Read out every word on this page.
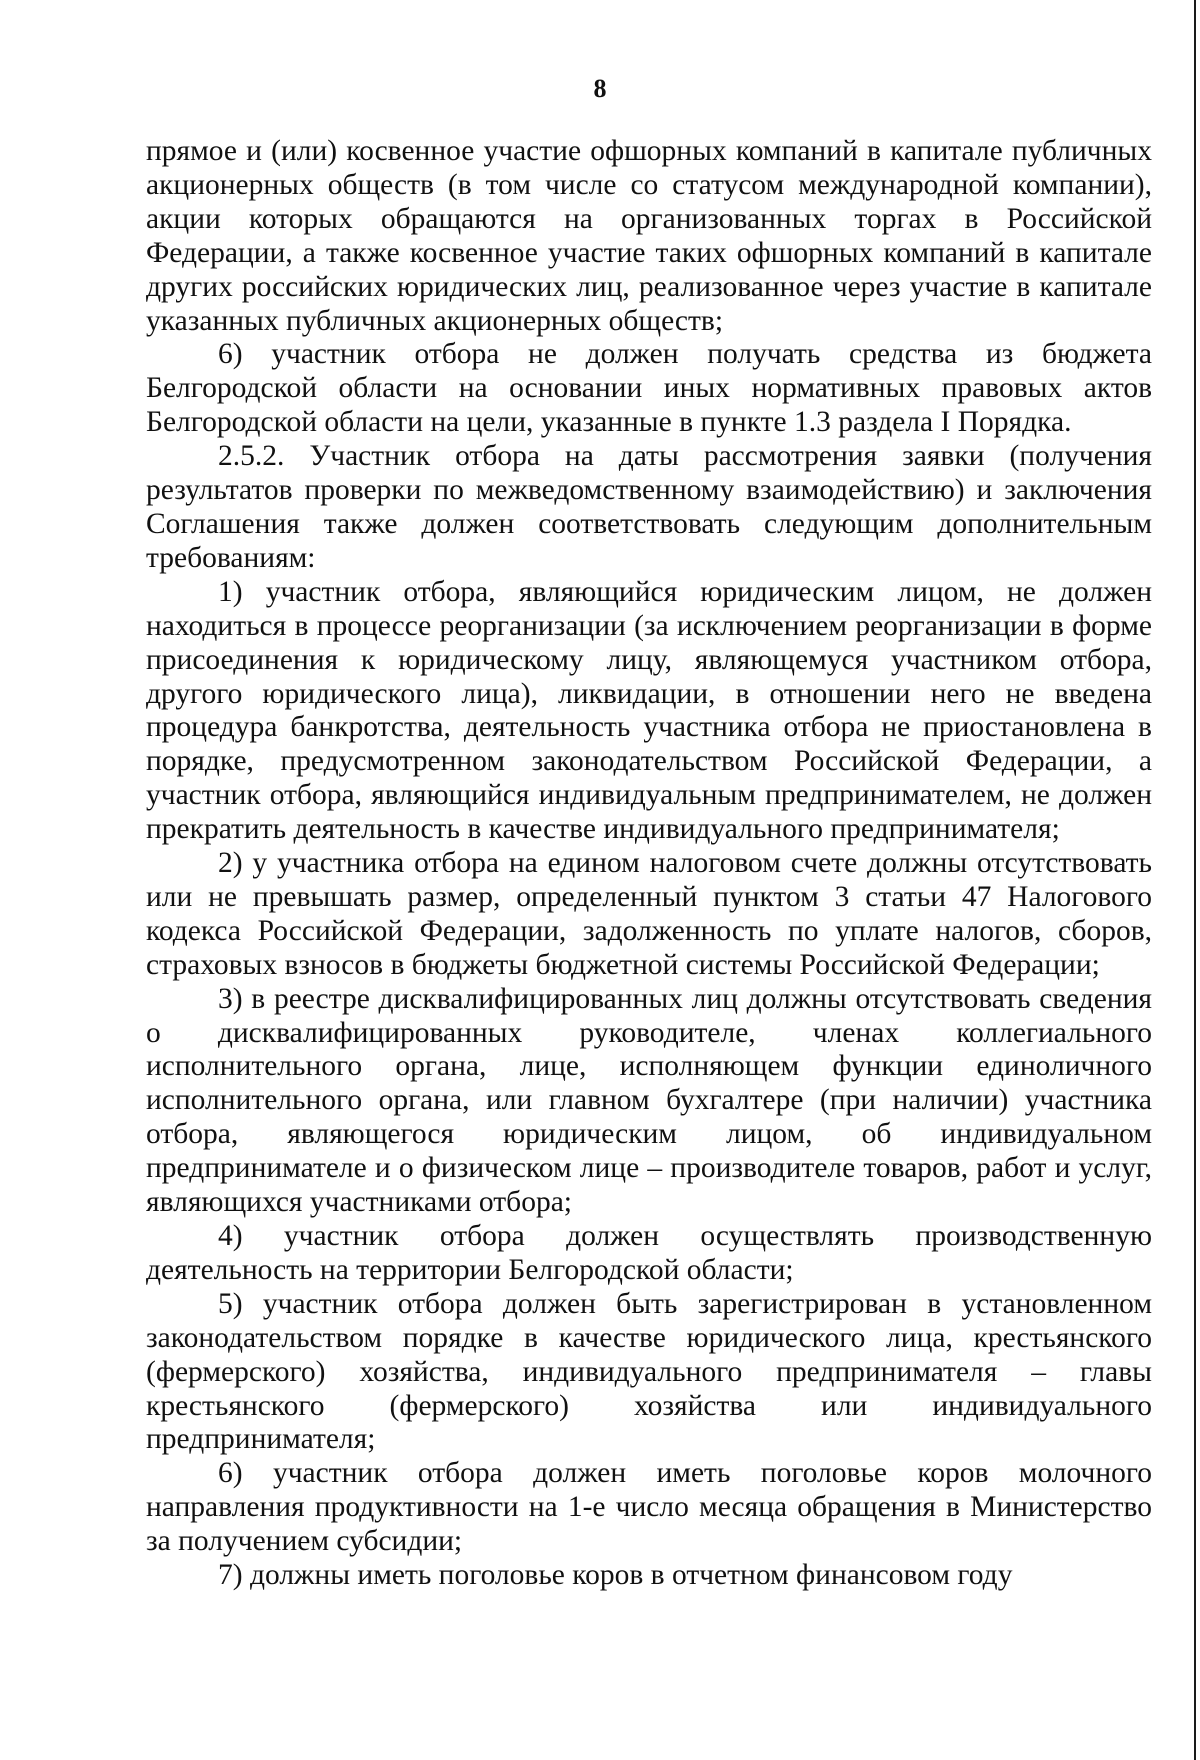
8

прямое и (или) косвенное участие офшорных компаний в капитале публичных акционерных обществ (в том числе со статусом международной компании), акции которых обращаются на организованных торгах в Российской Федерации, а также косвенное участие таких офшорных компаний в капитале других российских юридических лиц, реализованное через участие в капитале указанных публичных акционерных обществ;

6) участник отбора не должен получать средства из бюджета Белгородской области на основании иных нормативных правовых актов Белгородской области на цели, указанные в пункте 1.3 раздела I Порядка.

2.5.2. Участник отбора на даты рассмотрения заявки (получения результатов проверки по межведомственному взаимодействию) и заключения Соглашения также должен соответствовать следующим дополнительным требованиям:

1) участник отбора, являющийся юридическим лицом, не должен находиться в процессе реорганизации (за исключением реорганизации в форме присоединения к юридическому лицу, являющемуся участником отбора, другого юридического лица), ликвидации, в отношении него не введена процедура банкротства, деятельность участника отбора не приостановлена в порядке, предусмотренном законодательством Российской Федерации, а участник отбора, являющийся индивидуальным предпринимателем, не должен прекратить деятельность в качестве индивидуального предпринимателя;

2) у участника отбора на едином налоговом счете должны отсутствовать или не превышать размер, определенный пунктом 3 статьи 47 Налогового кодекса Российской Федерации, задолженность по уплате налогов, сборов, страховых взносов в бюджеты бюджетной системы Российской Федерации;

3) в реестре дисквалифицированных лиц должны отсутствовать сведения о дисквалифицированных руководителе, членах коллегиального исполнительного органа, лице, исполняющем функции единоличного исполнительного органа, или главном бухгалтере (при наличии) участника отбора, являющегося юридическим лицом, об индивидуальном предпринимателе и о физическом лице – производителе товаров, работ и услуг, являющихся участниками отбора;

4) участник отбора должен осуществлять производственную деятельность на территории Белгородской области;

5) участник отбора должен быть зарегистрирован в установленном законодательством порядке в качестве юридического лица, крестьянского (фермерского) хозяйства, индивидуального предпринимателя – главы крестьянского (фермерского) хозяйства или индивидуального предпринимателя;

6) участник отбора должен иметь поголовье коров молочного направления продуктивности на 1-е число месяца обращения в Министерство за получением субсидии;

7) должны иметь поголовье коров в отчетном финансовом году
